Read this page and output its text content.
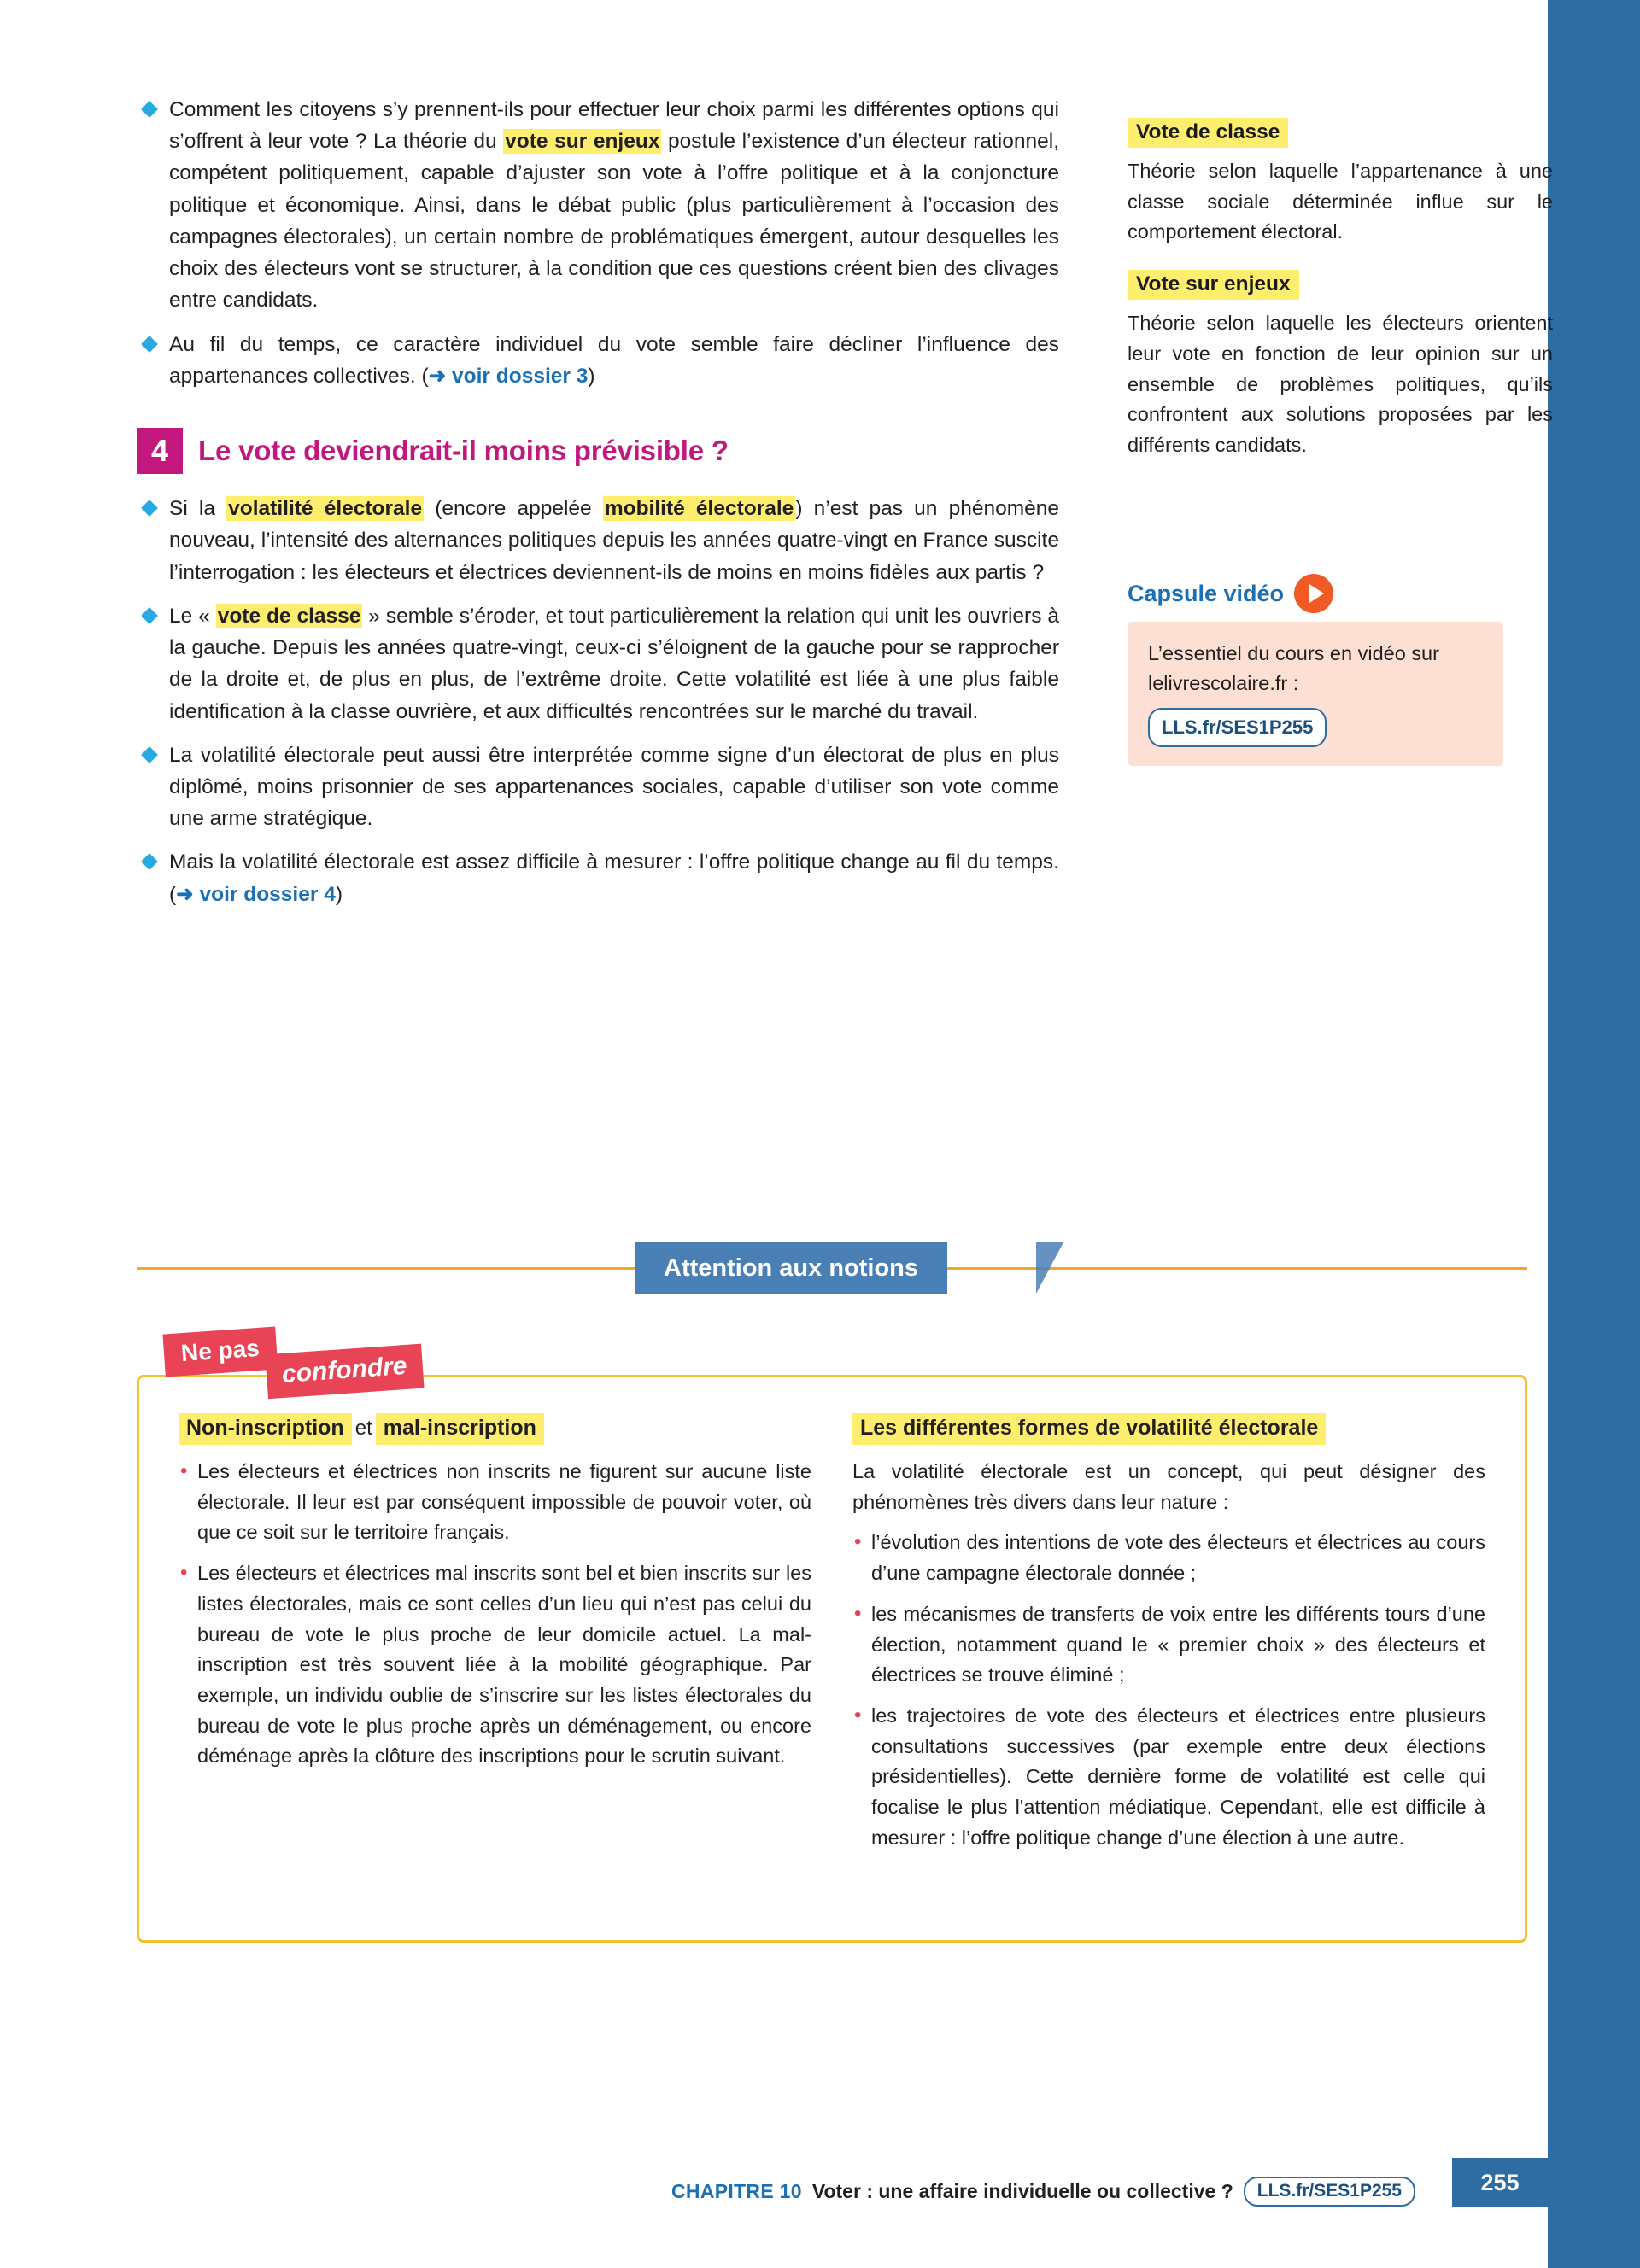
Comment les citoyens s’y prennent-ils pour effectuer leur choix parmi les différentes options qui s’offrent à leur vote ? La théorie du vote sur enjeux postule l’existence d’un électeur rationnel, compétent politiquement, capable d’ajuster son vote à l’offre politique et à la conjoncture politique et économique. Ainsi, dans le débat public (plus particulièrement à l’occasion des campagnes électorales), un certain nombre de problématiques émergent, autour desquelles les choix des électeurs vont se structurer, à la condition que ces questions créent bien des clivages entre candidats.
Au fil du temps, ce caractère individuel du vote semble faire décliner l’influence des appartenances collectives. (➜ voir dossier 3)
4	Le vote deviendrait-il moins prévisible ?
Si la volatilité électorale (encore appelée mobilité électorale) n’est pas un phénomène nouveau, l’intensité des alternances politiques depuis les années quatre-vingt en France suscite l’interrogation : les électeurs et électrices deviennent-ils de moins en moins fidèles aux partis ?
Le « vote de classe » semble s’éroder, et tout particulièrement la relation qui unit les ouvriers à la gauche. Depuis les années quatre-vingt, ceux-ci s’éloignent de la gauche pour se rapprocher de la droite et, de plus en plus, de l’extrême droite. Cette volatilité est liée à une plus faible identification à la classe ouvrière, et aux difficultés rencontrées sur le marché du travail.
La volatilité électorale peut aussi être interprétée comme signe d’un électorat de plus en plus diplômé, moins prisonnier de ses appartenances sociales, capable d’utiliser son vote comme une arme stratégique.
Mais la volatilité électorale est assez difficile à mesurer : l’offre politique change au fil du temps. (➜ voir dossier 4)
Vote de classe

Théorie selon laquelle l’appartenance à une classe sociale déterminée influe sur le comportement électoral.

Vote sur enjeux

Théorie selon laquelle les électeurs orientent leur vote en fonction de leur opinion sur un ensemble de problèmes politiques, qu’ils confrontent aux solutions proposées par les différents candidats.

Capsule vidéo
L’essentiel du cours en vidéo sur lelivrescolaire.fr :
LLS.fr/SES1P255
Attention aux notions
Ne pas
confondre
Non-inscription et mal-inscription
• Les électeurs et électrices non inscrits ne figurent sur aucune liste électorale. Il leur est par conséquent impossible de pouvoir voter, où que ce soit sur le territoire français.
• Les électeurs et électrices mal inscrits sont bel et bien inscrits sur les listes électorales, mais ce sont celles d’un lieu qui n’est pas celui du bureau de vote le plus proche de leur domicile actuel. La mal-inscription est très souvent liée à la mobilité géographique. Par exemple, un individu oublie de s’inscrire sur les listes électorales du bureau de vote le plus proche après un déménagement, ou encore déménage après la clôture des inscriptions pour le scrutin suivant.
Les différentes formes de volatilité électorale

La volatilité électorale est un concept, qui peut désigner des phénomènes très divers dans leur nature :

• l’évolution des intentions de vote des électeurs et électrices au cours d’une campagne électorale donnée ;
• les mécanismes de transferts de voix entre les différents tours d’une élection, notamment quand le « premier choix » des électeurs et électrices se trouve éliminé ;
• les trajectoires de vote des électeurs et électrices entre plusieurs consultations successives (par exemple entre deux élections présidentielles). Cette dernière forme de volatilité est celle qui focalise le plus l'attention médiatique. Cependant, elle est difficile à mesurer : l’offre politique change d’une élection à une autre.
CHAPITRE 10 Voter : une affaire individuelle ou collective ?	LLS.fr/SES1P255	255
